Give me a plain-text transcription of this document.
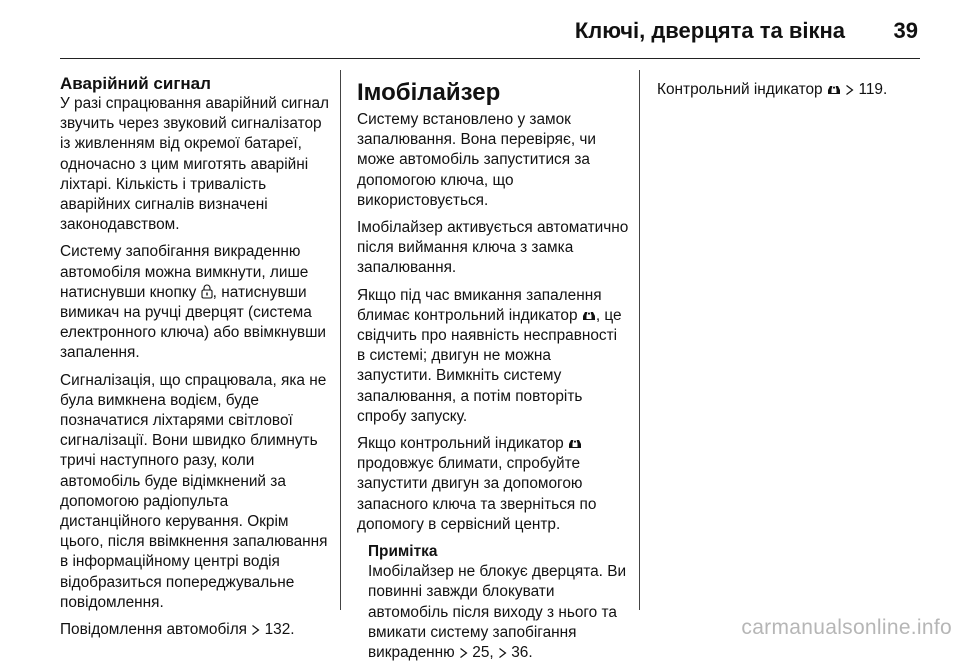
Ключі, дверцята та вікна	39
Аварійний сигнал

У разі спрацювання аварійний сигнал звучить через звуковий сигналізатор із живленням від окремої батареї, одночасно з цим миготять аварійні ліхтарі. Кількість і тривалість аварійних сигналів визначені законодавством.

Систему запобігання викраденню автомобіля можна вимкнути, лише натиснувши кнопку , натиснувши вимикач на ручці дверцят (система електронного ключа) або ввімкнувши запалення.

Сигналізація, що спрацювала, яка не була вимкнена водієм, буде позначатися ліхтарями світлової сигналізації. Вони швидко блимнуть тричі наступного разу, коли автомобіль буде відімкнений за допомогою радіопульта дистанційного керування. Окрім цього, після ввімкнення запалювання в інформаційному центрі водія відобразиться попереджувальне повідомлення.

Повідомлення автомобіля 132.

Імобілайзер

Систему встановлено у замок запалювання. Вона перевіряє, чи може автомобіль запуститися за допомогою ключа, що використовується.

Імобілайзер активується автоматично після виймання ключа з замка запалювання.

Якщо під час вмикання запалення блимає контрольний індикатор , це свідчить про наявність несправності в системі; двигун не можна запустити. Вимкніть систему запалювання, а потім повторіть спробу запуску.

Якщо контрольний індикатор  продовжує блимати, спробуйте запустити двигун за допомогою запасного ключа та зверніться по допомогу в сервісний центр.

Примітка
Імобілайзер не блокує дверцята. Ви повинні завжди блокувати автомобіль після виходу з нього та вмикати систему запобігання викраденню 25, 36.

Контрольний індикатор 119.

carmanualsonline.info
